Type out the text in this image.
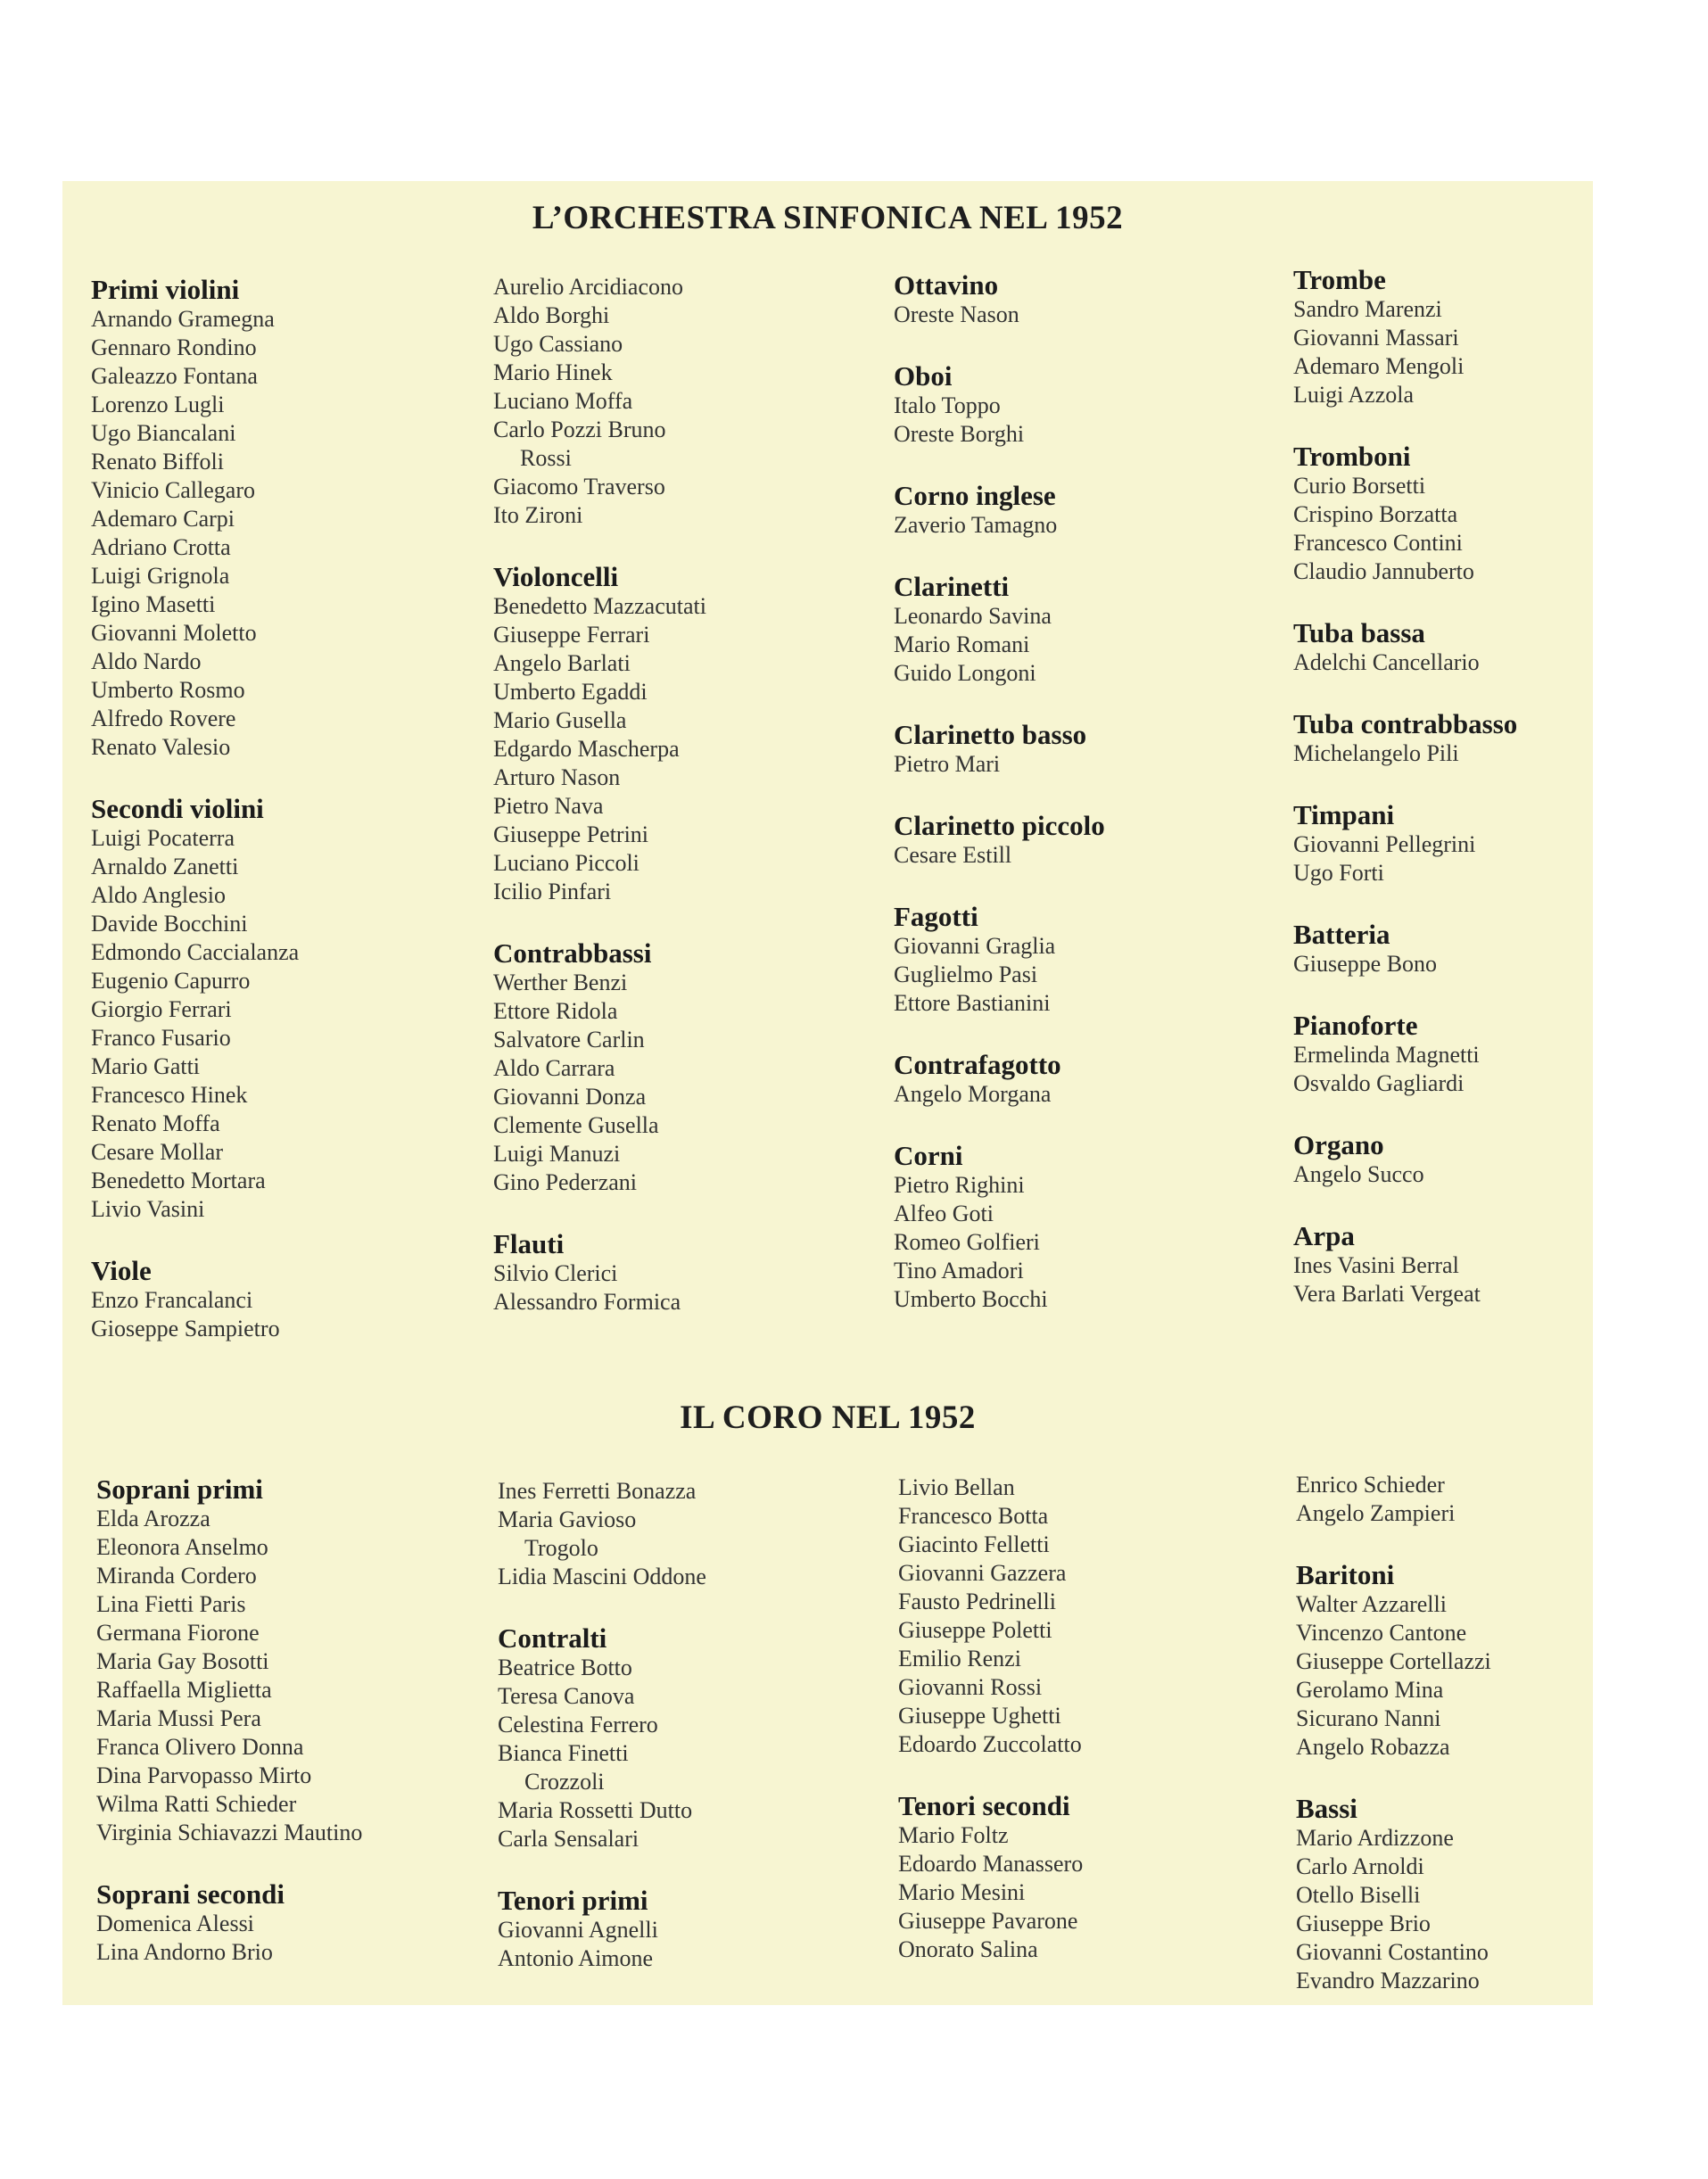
L’ORCHESTRA SINFONICA NEL 1952
Primi violini
Arnando Gramegna
Gennaro Rondino
Galeazzo Fontana
Lorenzo Lugli
Ugo Biancalani
Renato Biffoli
Vinicio Callegaro
Ademaro Carpi
Adriano Crotta
Luigi Grignola
Igino Masetti
Giovanni Moletto
Aldo Nardo
Umberto Rosmo
Alfredo Rovere
Renato Valesio
Secondi violini
Luigi Pocaterra
Arnaldo Zanetti
Aldo Anglesio
Davide Bocchini
Edmondo Caccialanza
Eugenio Capurro
Giorgio Ferrari
Franco Fusario
Mario Gatti
Francesco Hinek
Renato Moffa
Cesare Mollar
Benedetto Mortara
Livio Vasini
Viole
Enzo Francalanci
Gioseppe Sampietro
Aurelio Arcidiacono
Aldo Borghi
Ugo Cassiano
Mario Hinek
Luciano Moffa
Carlo Pozzi Bruno
Rossi
Giacomo Traverso
Ito Zironi
Violoncelli
Benedetto Mazzacutati
Giuseppe Ferrari
Angelo Barlati
Umberto Egaddi
Mario Gusella
Edgardo Mascherpa
Arturo Nason
Pietro Nava
Giuseppe Petrini
Luciano Piccoli
Icilio Pinfari
Contrabbassi
Werther Benzi
Ettore Ridola
Salvatore Carlin
Aldo Carrara
Giovanni Donza
Clemente Gusella
Luigi Manuzi
Gino Pederzani
Flauti
Silvio Clerici
Alessandro Formica
Ottavino
Oreste Nason
Oboi
Italo Toppo
Oreste Borghi
Corno inglese
Zaverio Tamagno
Clarinetti
Leonardo Savina
Mario Romani
Guido Longoni
Clarinetto basso
Pietro Mari
Clarinetto piccolo
Cesare Estill
Fagotti
Giovanni Graglia
Guglielmo Pasi
Ettore Bastianini
Contrafagotto
Angelo Morgana
Corni
Pietro Righini
Alfeo Goti
Romeo Golfieri
Tino Amadori
Umberto Bocchi
Trombe
Sandro Marenzi
Giovanni Massari
Ademaro Mengoli
Luigi Azzola
Tromboni
Curio Borsetti
Crispino Borzatta
Francesco Contini
Claudio Jannuberto
Tuba bassa
Adelchi Cancellario
Tuba contrabbasso
Michelangelo Pili
Timpani
Giovanni Pellegrini
Ugo Forti
Batteria
Giuseppe Bono
Pianoforte
Ermelinda Magnetti
Osvaldo Gagliardi
Organo
Angelo Succo
Arpa
Ines Vasini Berral
Vera Barlati Vergeat
IL CORO NEL 1952
Soprani primi
Elda Arozza
Eleonora Anselmo
Miranda Cordero
Lina Fietti Paris
Germana Fiorone
Maria Gay Bosotti
Raffaella Miglietta
Maria Mussi Pera
Franca Olivero Donna
Dina Parvopasso Mirto
Wilma Ratti Schieder
Virginia Schiavazzi Mautino
Soprani secondi
Domenica Alessi
Lina Andorno Brio
Ines Ferretti Bonazza
Maria Gavioso
Trogolo
Lidia Mascini Oddone
Contralti
Beatrice Botto
Teresa Canova
Celestina Ferrero
Bianca Finetti
Crozzoli
Maria Rossetti Dutto
Carla Sensalari
Tenori primi
Giovanni Agnelli
Antonio Aimone
Livio Bellan
Francesco Botta
Giacinto Felletti
Giovanni Gazzera
Fausto Pedrinelli
Giuseppe Poletti
Emilio Renzi
Giovanni Rossi
Giuseppe Ughetti
Edoardo Zuccolatto
Tenori secondi
Mario Foltz
Edoardo Manassero
Mario Mesini
Giuseppe Pavarone
Onorato Salina
Enrico Schieder
Angelo Zampieri
Baritoni
Walter Azzarelli
Vincenzo Cantone
Giuseppe Cortellazzi
Gerolamo Mina
Sicurano Nanni
Angelo Robazza
Bassi
Mario Ardizzone
Carlo Arnoldi
Otello Biselli
Giuseppe Brio
Giovanni Costantino
Evandro Mazzarino
